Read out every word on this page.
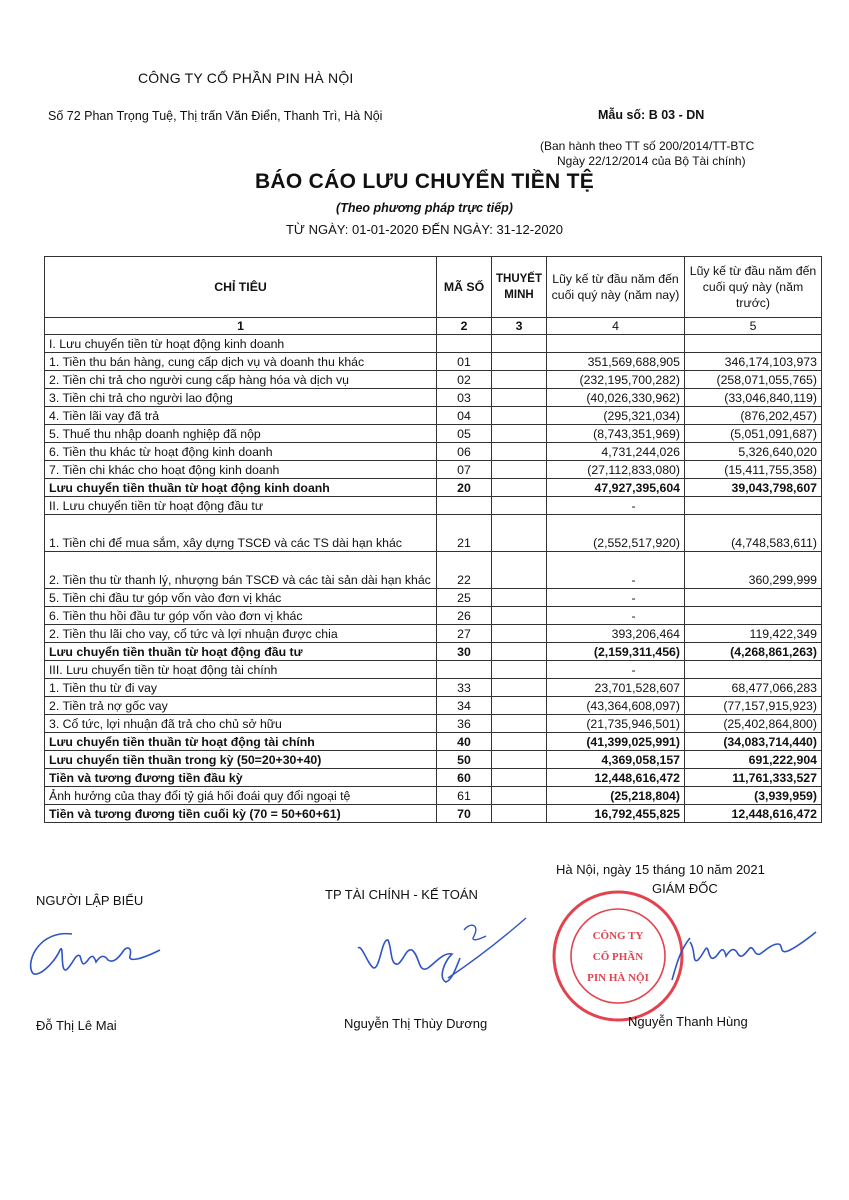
CÔNG TY CỔ PHẦN PIN HÀ NỘI
Số 72 Phan Trọng Tuệ, Thị trấn Văn Điển, Thanh Trì, Hà Nội	Mẫu số: B 03 - DN
(Ban hành theo TT số 200/2014/TT-BTC
Ngày 22/12/2014 của Bộ Tài chính)
BÁO CÁO LƯU CHUYỂN TIỀN TỆ
(Theo phương pháp trực tiếp)
TỪ NGÀY: 01-01-2020 ĐẾN NGÀY: 31-12-2020
CHỈ TIÊU	MÃ SỐ	THUYẾT MINH	Lũy kế từ đầu năm đến cuối quý này (năm nay)	Lũy kế từ đầu năm đến cuối quý này (năm trước)
1	2	3	4	5
I. Lưu chuyển tiền từ hoạt động kinh doanh				
1. Tiền thu bán hàng, cung cấp dịch vụ và doanh thu khác	01		351,569,688,905	346,174,103,973
2. Tiền chi trả cho người cung cấp hàng hóa và dịch vụ	02		(232,195,700,282)	(258,071,055,765)
3. Tiền chi trả cho người lao động	03		(40,026,330,962)	(33,046,840,119)
4. Tiền lãi vay đã trả	04		(295,321,034)	(876,202,457)
5. Thuế thu nhập doanh nghiệp đã nộp	05		(8,743,351,969)	(5,051,091,687)
6. Tiền thu khác từ hoạt động kinh doanh	06		4,731,244,026	5,326,640,020
7. Tiền chi khác cho hoạt động kinh doanh	07		(27,112,833,080)	(15,411,755,358)
Lưu chuyển tiền thuần từ hoạt động kinh doanh	20		47,927,395,604	39,043,798,607
II. Lưu chuyển tiền từ hoạt động đầu tư			-	
1. Tiền chi để mua sắm, xây dựng TSCĐ và các TS dài hạn khác	21		(2,552,517,920)	(4,748,583,611)
2. Tiền thu từ thanh lý, nhượng bán TSCĐ và các tài sản dài hạn khác	22		-	360,299,999
5. Tiền chi đầu tư góp vốn vào đơn vị khác	25		-	
6. Tiền thu hồi đầu tư góp vốn vào đơn vị khác	26		-	
2. Tiền thu lãi cho vay, cổ tức và lợi nhuận được chia	27		393,206,464	119,422,349
Lưu chuyển tiền thuần từ hoạt động đầu tư	30		(2,159,311,456)	(4,268,861,263)
III. Lưu chuyển tiền từ hoạt động tài chính			-	
1. Tiền thu từ đi vay	33		23,701,528,607	68,477,066,283
2. Tiền trả nợ gốc vay	34		(43,364,608,097)	(77,157,915,923)
3. Cổ tức, lợi nhuận đã trả cho chủ sở hữu	36		(21,735,946,501)	(25,402,864,800)
Lưu chuyển tiền thuần từ hoạt động tài chính	40		(41,399,025,991)	(34,083,714,440)
Lưu chuyển tiền thuần trong kỳ (50=20+30+40)	50		4,369,058,157	691,222,904
Tiền và tương đương tiền đầu kỳ	60		12,448,616,472	11,761,333,527
Ảnh hưởng của thay đổi tỷ giá hối đoái quy đổi ngoại tệ	61		(25,218,804)	(3,939,959)
Tiền và tương đương tiền cuối kỳ (70 = 50+60+61)	70		16,792,455,825	12,448,616,472
Hà Nội, ngày 15 tháng 10 năm 2021
NGƯỜI LẬP BIỂU	TP TÀI CHÍNH - KẾ TOÁN	GIÁM ĐỐC
CÔNG TY
CỔ PHẦN
PIN HÀ NỘI
Đỗ Thị Lê Mai	Nguyễn Thị Thùy Dương	Nguyễn Thanh Hùng
